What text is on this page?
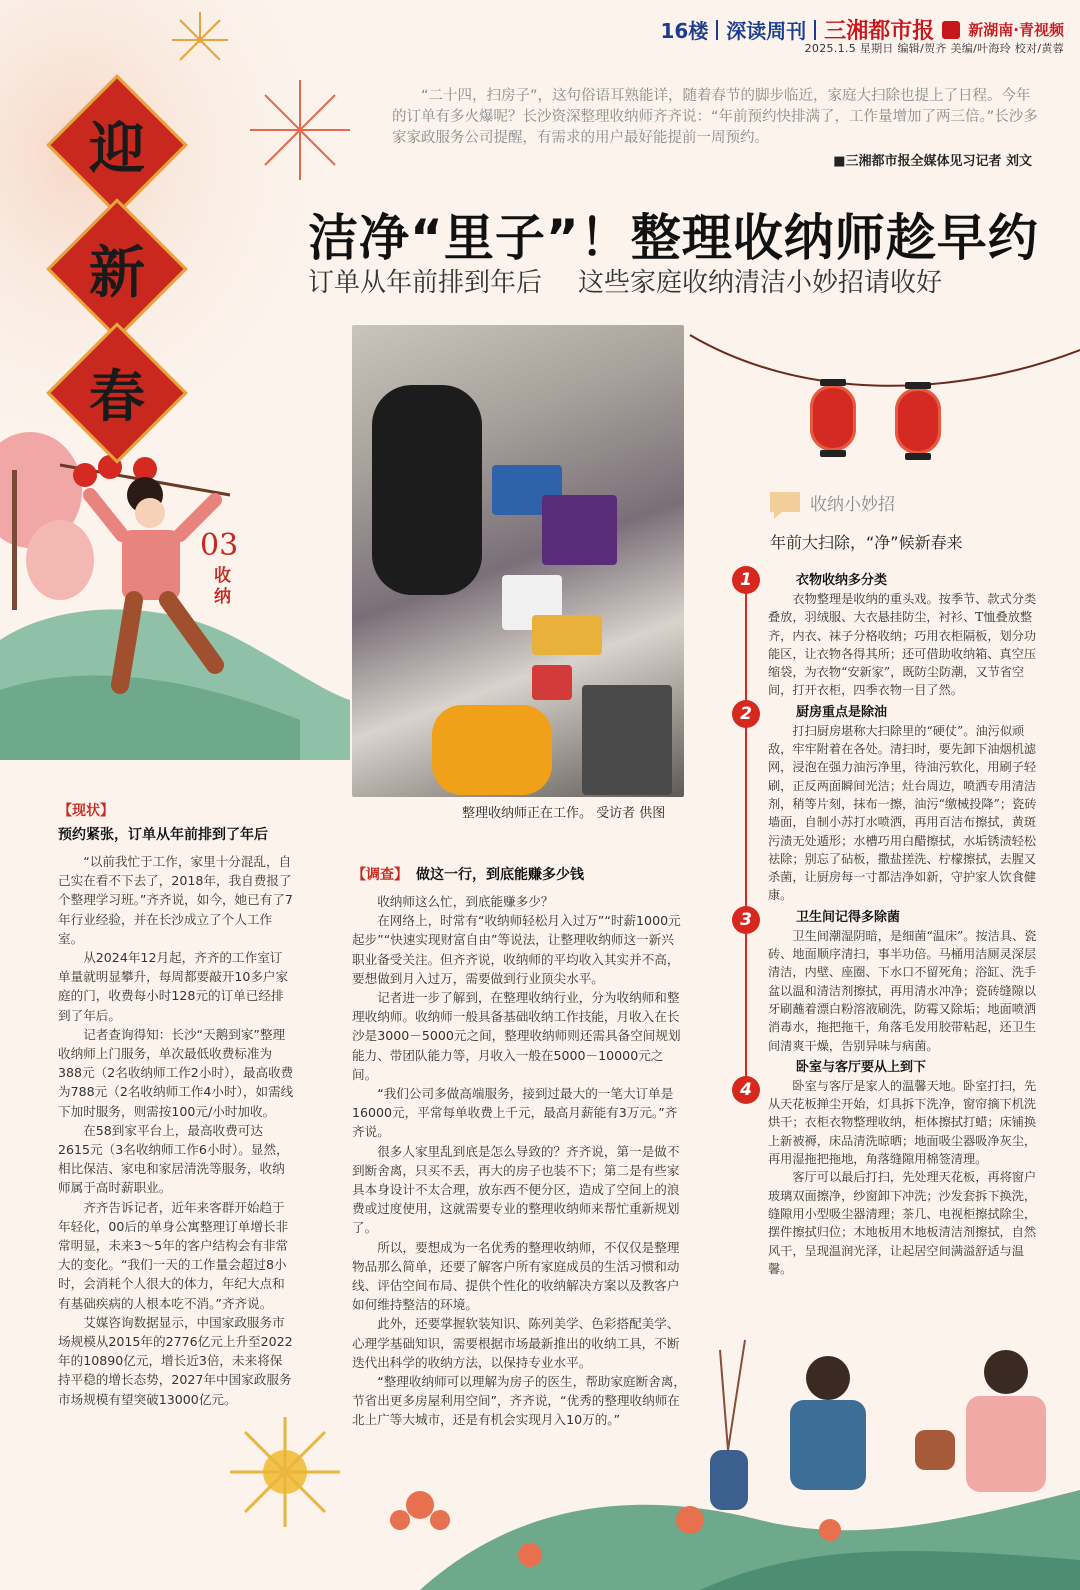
迎
新
春
03
收纳
16楼 深读周刊 三湘都市报 新湖南·青视频
2025.1.5 星期日 编辑/贺齐 美编/叶海玲 校对/黄蓉

“二十四，扫房子”，这句俗语耳熟能详，随着春节的脚步临近，家庭大扫除也提上了日程。今年的订单有多火爆呢？长沙资深整理收纳师齐齐说：“年前预约快排满了，工作量增加了两三倍。”长沙多家家政服务公司提醒，有需求的用户最好能提前一周预约。

■三湘都市报全媒体见习记者 刘文
洁净“里子”！整理收纳师趁早约
订单从年前排到年后 这些家庭收纳清洁小妙招请收好
整理收纳师正在工作。 受访者 供图
【现状】
预约紧张，订单从年前排到了年后

“以前我忙于工作，家里十分混乱，自己实在看不下去了，2018年，我自费报了个整理学习班。”齐齐说，如今，她已有了7年行业经验，并在长沙成立了个人工作室。

从2024年12月起，齐齐的工作室订单量就明显攀升，每周都要敲开10多户家庭的门，收费每小时128元的订单已经排到了年后。

记者查询得知：长沙“天鹅到家”整理收纳师上门服务，单次最低收费标准为388元（2名收纳师工作2小时），最高收费为788元（2名收纳师工作4小时），如需线下加时服务，则需按100元/小时加收。

在58到家平台上，最高收费可达2615元（3名收纳师工作6小时）。显然，相比保洁、家电和家居清洗等服务，收纳师属于高时薪职业。

齐齐告诉记者，近年来客群开始趋于年轻化，00后的单身公寓整理订单增长非常明显，未来3～5年的客户结构会有非常大的变化。“我们一天的工作量会超过8小时，会消耗个人很大的体力，年纪大点和有基础疾病的人根本吃不消。”齐齐说。

艾媒咨询数据显示，中国家政服务市场规模从2015年的2776亿元上升至2022年的10890亿元，增长近3倍，未来将保持平稳的增长态势，2027年中国家政服务市场规模有望突破13000亿元。

【调查】 做这一行，到底能赚多少钱

收纳师这么忙，到底能赚多少？

在网络上，时常有“收纳师轻松月入过万”“时薪1000元起步”“快速实现财富自由”等说法，让整理收纳师这一新兴职业备受关注。但齐齐说，收纳师的平均收入其实并不高，要想做到月入过万，需要做到行业顶尖水平。

记者进一步了解到，在整理收纳行业，分为收纳师和整理收纳师。收纳师一般具备基础收纳工作技能，月收入在长沙是3000－5000元之间，整理收纳师则还需具备空间规划能力、带团队能力等，月收入一般在5000－10000元之间。

“我们公司多做高端服务，接到过最大的一笔大订单是16000元，平常每单收费上千元，最高月薪能有3万元。”齐齐说。

很多人家里乱到底是怎么导致的？齐齐说，第一是做不到断舍离，只买不丢，再大的房子也装不下；第二是有些家具本身设计不太合理，放东西不便分区，造成了空间上的浪费或过度使用，这就需要专业的整理收纳师来帮忙重新规划了。

所以，要想成为一名优秀的整理收纳师，不仅仅是整理物品那么简单，还要了解客户所有家庭成员的生活习惯和动线、评估空间布局、提供个性化的收纳解决方案以及教客户如何维持整洁的环境。

此外，还要掌握软装知识、陈列美学、色彩搭配美学、心理学基础知识，需要根据市场最新推出的收纳工具，不断迭代出科学的收纳方法，以保持专业水平。

“整理收纳师可以理解为房子的医生，帮助家庭断舍离，节省出更多房屋利用空间”，齐齐说，“优秀的整理收纳师在北上广等大城市，还是有机会实现月入10万的。”

收纳小妙招
年前大扫除，“净”候新春来
1
2
3
4
衣物收纳多分类

衣物整理是收纳的重头戏。按季节、款式分类叠放，羽绒服、大衣悬挂防尘，衬衫、T恤叠放整齐，内衣、袜子分格收纳；巧用衣柜隔板，划分功能区，让衣物各得其所；还可借助收纳箱、真空压缩袋，为衣物“安新家”，既防尘防潮，又节省空间，打开衣柜，四季衣物一目了然。

厨房重点是除油

打扫厨房堪称大扫除里的“硬仗”。油污似顽敌，牢牢附着在各处。清扫时，要先卸下油烟机滤网，浸泡在强力油污净里，待油污软化，用刷子轻刷，正反两面瞬间光洁；灶台周边，喷洒专用清洁剂，稍等片刻，抹布一擦，油污“缴械投降”；瓷砖墙面，自制小苏打水喷洒，再用百洁布擦拭，黄斑污渍无处遁形；水槽巧用白醋擦拭，水垢锈渍轻松祛除；别忘了砧板，撒盐搓洗、柠檬擦拭，去腥又杀菌，让厨房每一寸都洁净如新，守护家人饮食健康。

卫生间记得多除菌

卫生间潮湿阴暗，是细菌“温床”。按洁具、瓷砖、地面顺序清扫，事半功倍。马桶用洁厕灵深层清洁，内壁、座圈、下水口不留死角；浴缸、洗手盆以温和清洁剂擦拭，再用清水冲净；瓷砖缝隙以牙刷蘸着漂白粉溶液刷洗，防霉又除垢；地面喷洒消毒水，拖把拖干，角落毛发用胶带粘起，还卫生间清爽干燥，告别异味与病菌。

卧室与客厅要从上到下

卧室与客厅是家人的温馨天地。卧室打扫，先从天花板掸尘开始，灯具拆下洗净，窗帘摘下机洗烘干；衣柜衣物整理收纳，柜体擦拭打蜡；床铺换上新被褥，床品清洗晾晒；地面吸尘器吸净灰尘，再用湿拖把拖地，角落缝隙用棉签清理。

客厅可以最后打扫，先处理天花板，再将窗户玻璃双面擦净，纱窗卸下冲洗；沙发套拆下换洗，缝隙用小型吸尘器清理；茶几、电视柜擦拭除尘，摆件擦拭归位；木地板用木地板清洁剂擦拭，自然风干，呈现温润光泽，让起居空间满溢舒适与温馨。
